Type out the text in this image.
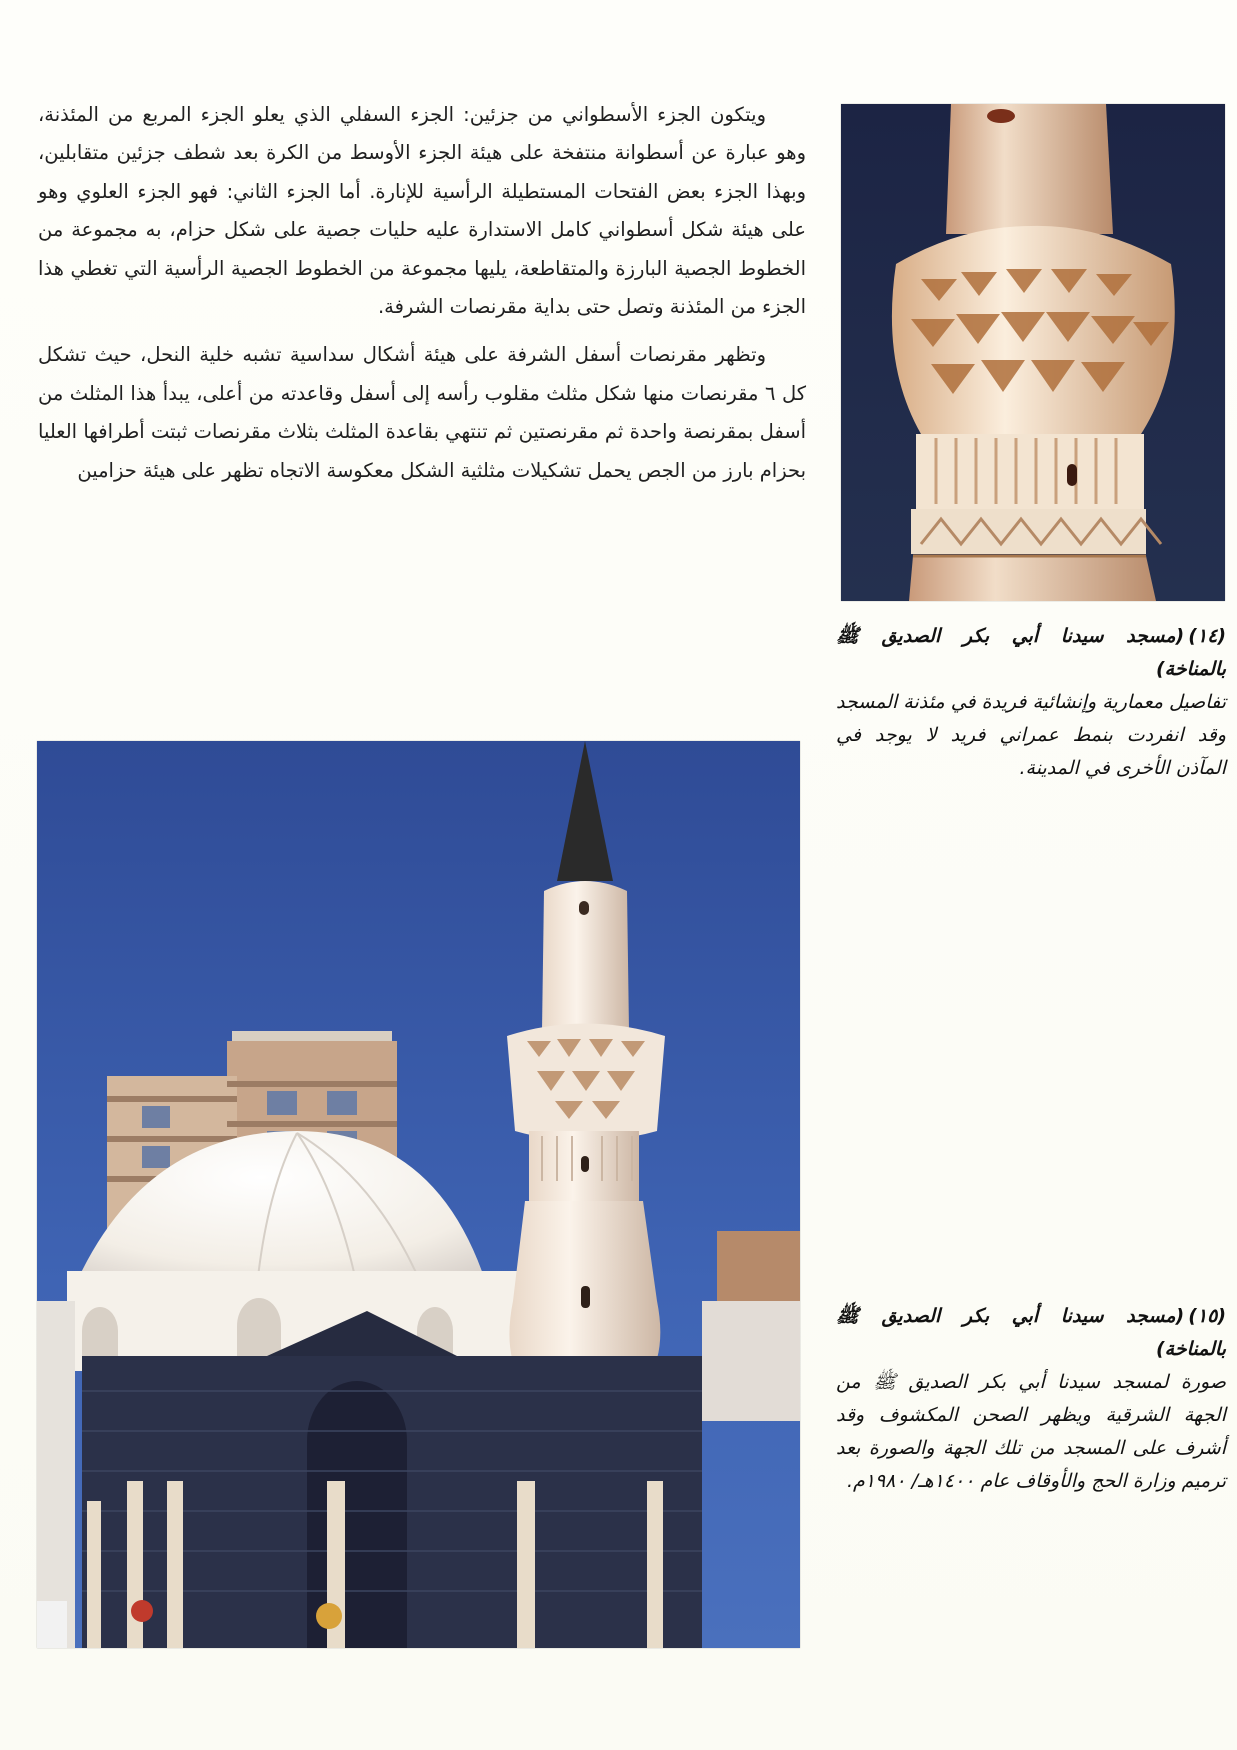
(١٤)(مسجد سيدنا أبي بكر الصديق ﷺ بالمناخة)
تفاصيل معمارية وإنشائية فريدة في مئذنة المسجد وقد انفردت بنمط عمراني فريد لا يوجد في المآذن الأخرى في المدينة.

ويتكون الجزء الأسطواني من جزئين: الجزء السفلي الذي يعلو الجزء المربع من المئذنة، وهو عبارة عن أسطوانة منتفخة على هيئة الجزء الأوسط من الكرة بعد شطف جزئين متقابلين، وبهذا الجزء بعض الفتحات المستطيلة الرأسية للإنارة. أما الجزء الثاني: فهو الجزء العلوي وهو على هيئة شكل أسطواني كامل الاستدارة عليه حليات جصية على شكل حزام، به مجموعة من الخطوط الجصية البارزة والمتقاطعة، يليها مجموعة من الخطوط الجصية الرأسية التي تغطي هذا الجزء من المئذنة وتصل حتى بداية مقرنصات الشرفة.

وتظهر مقرنصات أسفل الشرفة على هيئة أشكال سداسية تشبه خلية النحل، حيث تشكل كل ٦ مقرنصات منها شكل مثلث مقلوب رأسه إلى أسفل وقاعدته من أعلى، يبدأ هذا المثلث من أسفل بمقرنصة واحدة ثم مقرنصتين ثم تنتهي بقاعدة المثلث بثلاث مقرنصات ثبتت أطرافها العليا بحزام بارز من الجص يحمل تشكيلات مثلثية الشكل معكوسة الاتجاه تظهر على هيئة حزامين

(١٥)(مسجد سيدنا أبي بكر الصديق ﷺ بالمناخة)
صورة لمسجد سيدنا أبي بكر الصديق ﷺ من الجهة الشرقية ويظهر الصحن المكشوف وقد أشرف على المسجد من تلك الجهة والصورة بعد ترميم وزارة الحج والأوقاف عام ١٤٠٠هـ/ ١٩٨٠م.
